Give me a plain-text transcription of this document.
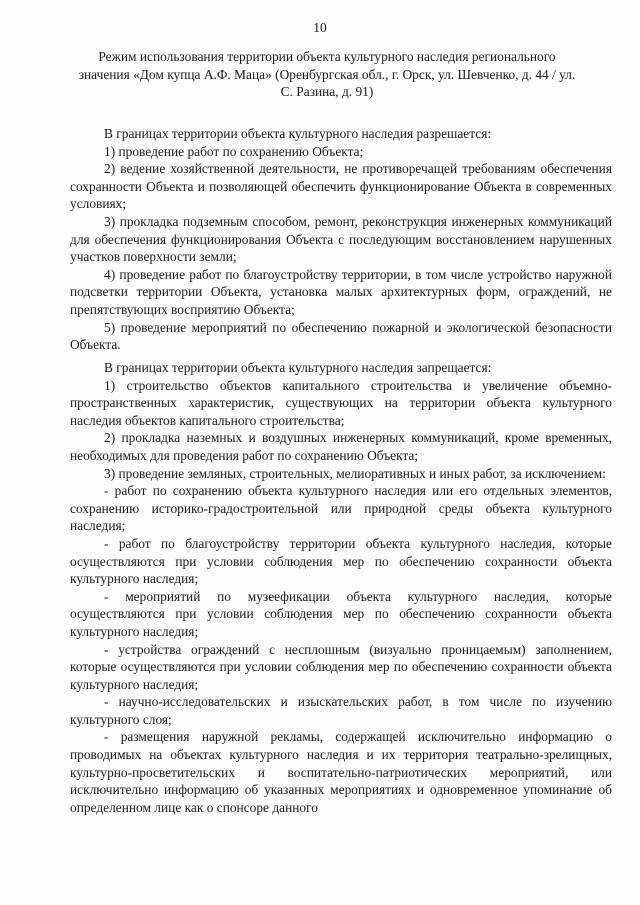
10
Режим использования территории объекта культурного наследия регионального значения «Дом купца А.Ф. Маца» (Оренбургская обл., г. Орск, ул. Шевченко, д. 44 / ул. С. Разина, д. 91)

В границах территории объекта культурного наследия разрешается:

1) проведение работ по сохранению Объекта;

2) ведение хозяйственной деятельности, не противоречащей требованиям обеспечения сохранности Объекта и позволяющей обеспечить функционирование Объекта в современных условиях;

3) прокладка подземным способом, ремонт, реконструкция инженерных коммуникаций для обеспечения функционирования Объекта с последующим восстановлением нарушенных участков поверхности земли;

4) проведение работ по благоустройству территории, в том числе устройство наружной подсветки территории Объекта, установка малых архитектурных форм, ограждений, не препятствующих восприятию Объекта;

5) проведение мероприятий по обеспечению пожарной и экологической безопасности Объекта.

В границах территории объекта культурного наследия запрещается:

1) строительство объектов капитального строительства и увеличение объемно-пространственных характеристик, существующих на территории объекта культурного наследия объектов капитального строительства;

2) прокладка наземных и воздушных инженерных коммуникаций, кроме временных, необходимых для проведения работ по сохранению Объекта;

3) проведение земляных, строительных, мелиоративных и иных работ, за исключением:

- работ по сохранению объекта культурного наследия или его отдельных элементов, сохранению историко-градостроительной или природной среды объекта культурного наследия;

- работ по благоустройству территории объекта культурного наследия, которые осуществляются при условии соблюдения мер по обеспечению сохранности объекта культурного наследия;

- мероприятий по музеефикации объекта культурного наследия, которые осуществляются при условии соблюдения мер по обеспечению сохранности объекта культурного наследия;

- устройства ограждений с несплошным (визуально проницаемым) заполнением, которые осуществляются при условии соблюдения мер по обеспечению сохранности объекта культурного наследия;

- научно-исследовательских и изыскательских работ, в том числе по изучению культурного слоя;

- размещения наружной рекламы, содержащей исключительно информацию о проводимых на объектах культурного наследия и их территория театрально-зрелищных, культурно-просветительских и воспитательно-патриотических мероприятий, или исключительно информацию об указанных мероприятиях и одновременное упоминание об определенном лице как о спонсоре данного
